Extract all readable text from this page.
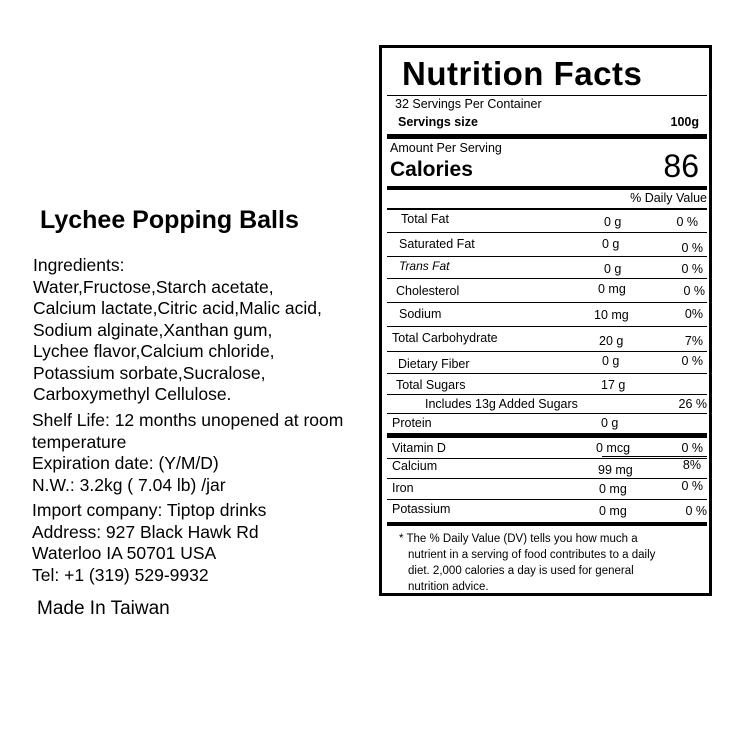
Lychee Popping Balls
Ingredients:
Water,Fructose,Starch acetate,
Calcium lactate,Citric acid,Malic acid,
Sodium alginate,Xanthan gum,
Lychee flavor,Calcium chloride,
Potassium sorbate,Sucralose,
Carboxymethyl Cellulose.
Shelf Life: 12 months unopened at room
temperature
Expiration date: (Y/M/D)
N.W.: 3.2kg ( 7.04 lb) /jar
Import company: Tiptop drinks
Address: 927 Black Hawk Rd
Waterloo IA 50701 USA
Tel: +1 (319) 529-9932
Made In Taiwan
Nutrition Facts
32 Servings Per Container
Servings size	100g
Amount Per Serving
Calories	86
% Daily Value
Total Fat	0 g	0 %
Saturated Fat	0 g	0 %
Trans Fat	0 g	0 %
Cholesterol	0 mg	0 %
Sodium	10 mg	0%
Total Carbohydrate	20 g	7%
Dietary Fiber	0 g	0 %
Total Sugars	17 g
Includes 13g Added Sugars	26 %
Protein	0 g
Vitamin D	0 mcg	0 %
Calcium	99 mg	8%
Iron	0 mg	0 %
Potassium	0 mg	0 %
* The % Daily Value (DV) tells you how much a
nutrient in a serving of food contributes to a daily
diet. 2,000 calories a day is used for general
nutrition advice.
